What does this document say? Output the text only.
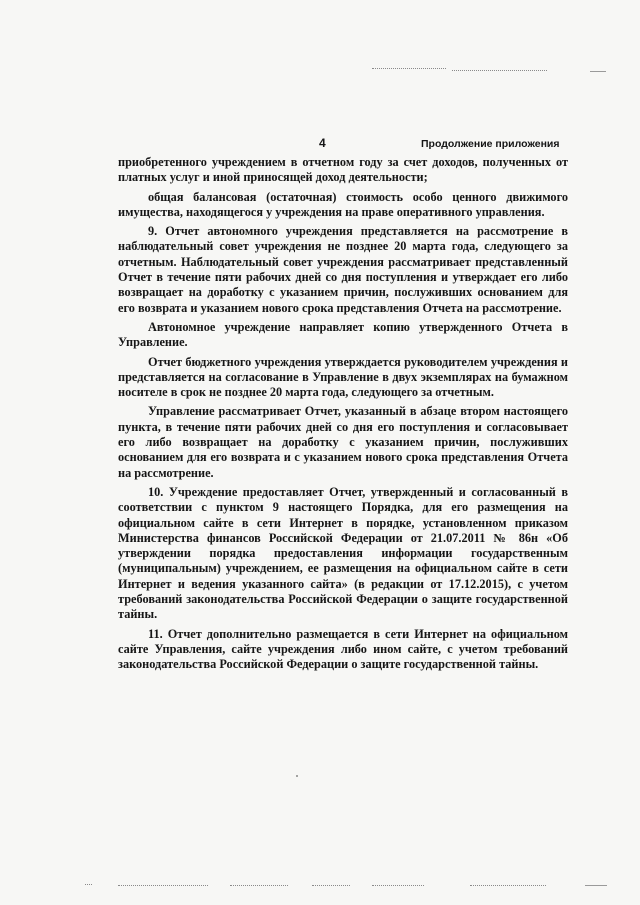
4	Продолжение приложения

приобретенного учреждением в отчетном году за счет доходов, полученных от платных услуг и иной приносящей доход деятельности;

общая балансовая (остаточная) стоимость особо ценного движимого имущества, находящегося у учреждения на праве оперативного управления.

9. Отчет автономного учреждения представляется на рассмотрение в наблюдательный совет учреждения не позднее 20 марта года, следующего за отчетным. Наблюдательный совет учреждения рассматривает представленный Отчет в течение пяти рабочих дней со дня поступления и утверждает его либо возвращает на доработку с указанием причин, послуживших основанием для его возврата и указанием нового срока представления Отчета на рассмотрение.

Автономное учреждение направляет копию утвержденного Отчета в Управление.

Отчет бюджетного учреждения утверждается руководителем учреждения и представляется на согласование в Управление в двух экземплярах на бумажном носителе в срок не позднее 20 марта года, следующего за отчетным.

Управление рассматривает Отчет, указанный в абзаце втором настоящего пункта, в течение пяти рабочих дней со дня его поступления и согласовывает его либо возвращает на доработку с указанием причин, послуживших основанием для его возврата и с указанием нового срока представления Отчета на рассмотрение.

10. Учреждение предоставляет Отчет, утвержденный и согласованный в соответствии с пунктом 9 настоящего Порядка, для его размещения на официальном сайте в сети Интернет в порядке, установленном приказом Министерства финансов Российской Федерации от 21.07.2011 № 86н «Об утверждении порядка предоставления информации государственным (муниципальным) учреждением, ее размещения на официальном сайте в сети Интернет и ведения указанного сайта» (в редакции от 17.12.2015), с учетом требований законодательства Российской Федерации о защите государственной тайны.

11. Отчет дополнительно размещается в сети Интернет на официальном сайте Управления, сайте учреждения либо ином сайте, с учетом требований законодательства Российской Федерации о защите государственной тайны.
